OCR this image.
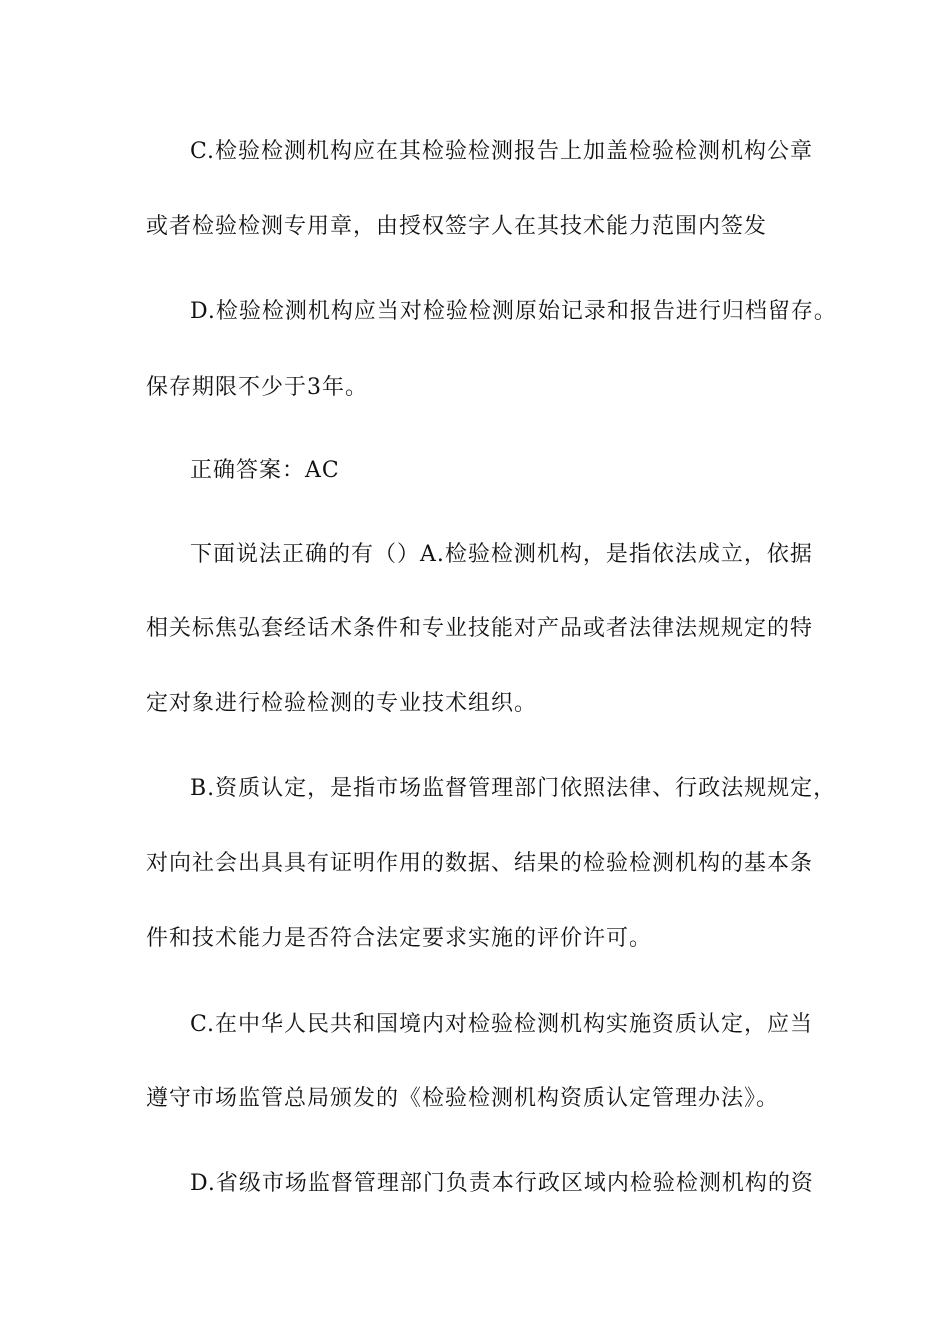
C.检验检测机构应在其检验检测报告上加盖检验检测机构公章
或者检验检测专用章，由授权签字人在其技术能力范围内签发
D.检验检测机构应当对检验检测原始记录和报告进行归档留存。
保存期限不少于3年。
正确答案：AC
下面说法正确的有（）A.检验检测机构，是指依法成立，依据
相关标焦弘套经话术条件和专业技能对产品或者法律法规规定的特
定对象进行检验检测的专业技术组织。
B.资质认定，是指市场监督管理部门依照法律、行政法规规定，
对向社会出具具有证明作用的数据、结果的检验检测机构的基本条
件和技术能力是否符合法定要求实施的评价许可。
C.在中华人民共和国境内对检验检测机构实施资质认定，应当
遵守市场监管总局颁发的《检验检测机构资质认定管理办法》。
D.省级市场监督管理部门负责本行政区域内检验检测机构的资
